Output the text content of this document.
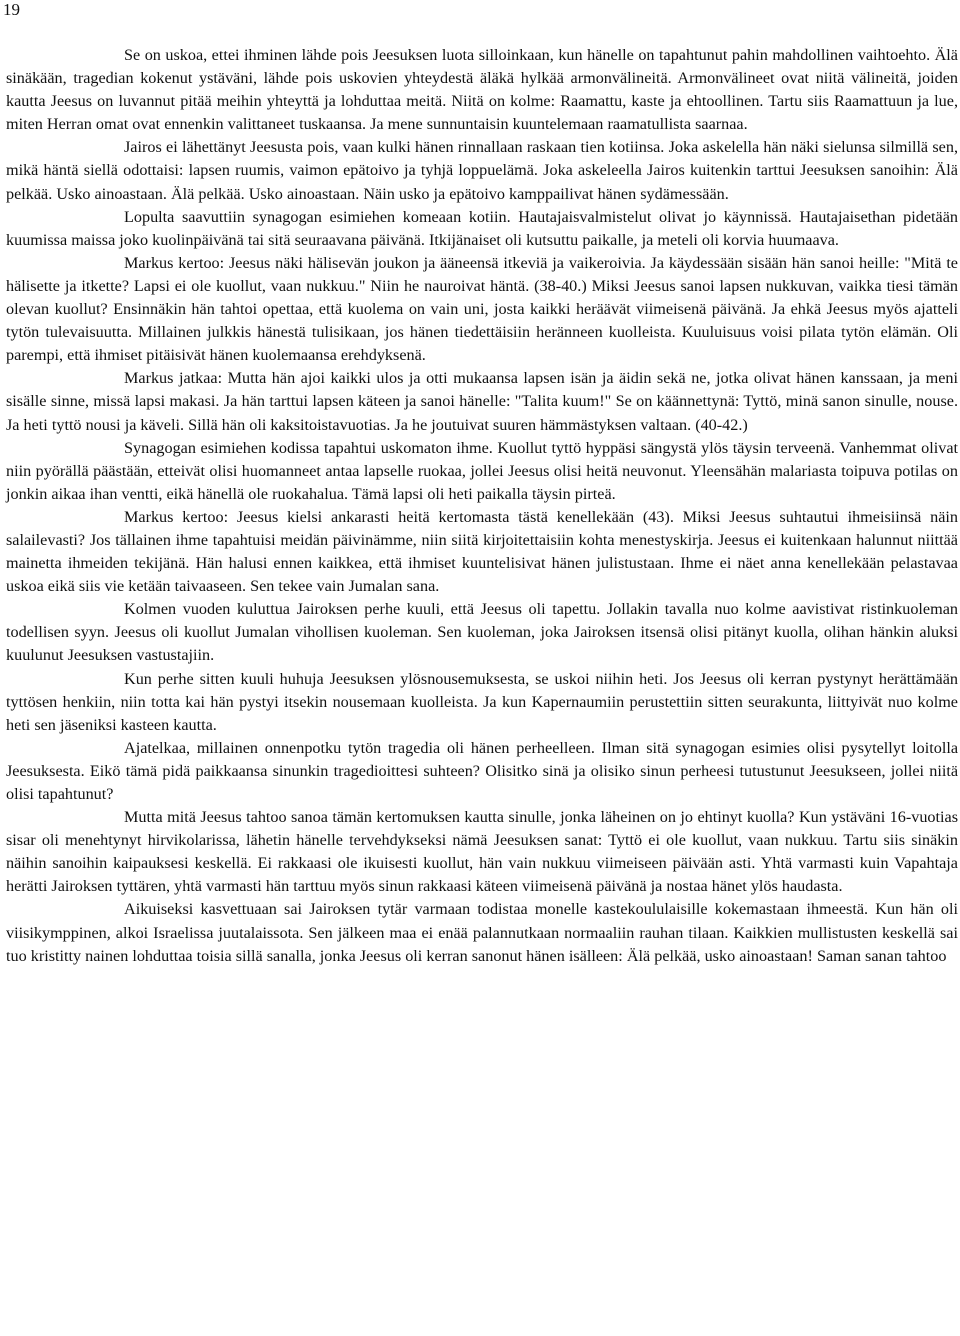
19

Se on uskoa, ettei ihminen lähde pois Jeesuksen luota silloinkaan, kun hänelle on tapahtunut pahin mahdollinen vaihtoehto. Älä sinäkään, tragedian kokenut ystäväni, lähde pois uskovien yhteydestä äläkä hylkää armonvälineitä. Armonvälineet ovat niitä välineitä, joiden kautta Jeesus on luvannut pitää meihin yhteyttä ja lohduttaa meitä. Niitä on kolme: Raamattu, kaste ja ehtoollinen. Tartu siis Raamattuun ja lue, miten Herran omat ovat ennenkin valittaneet tuskaansa. Ja mene sunnuntaisin kuuntelemaan raamatullista saarnaa.

Jairos ei lähettänyt Jeesusta pois, vaan kulki hänen rinnallaan raskaan tien kotiinsa. Joka askelella hän näki sielunsa silmillä sen, mikä häntä siellä odottaisi: lapsen ruumis, vaimon epätoivo ja tyhjä loppuelämä. Joka askeleella Jairos kuitenkin tarttui Jeesuksen sanoihin: Älä pelkää. Usko ainoastaan. Älä pelkää. Usko ainoastaan. Näin usko ja epätoivo kamppailivat hänen sydämessään.

Lopulta saavuttiin synagogan esimiehen komeaan kotiin. Hautajaisvalmistelut olivat jo käynnissä. Hautajaisethan pidetään kuumissa maissa joko kuolinpäivänä tai sitä seuraavana päivänä. Itkijänaiset oli kutsuttu paikalle, ja meteli oli korvia huumaava.

Markus kertoo: Jeesus näki hälisevän joukon ja ääneensä itkeviä ja vaikeroivia. Ja käydessään sisään hän sanoi heille: "Mitä te hälisette ja itkette? Lapsi ei ole kuollut, vaan nukkuu." Niin he nauroivat häntä. (38-40.) Miksi Jeesus sanoi lapsen nukkuvan, vaikka tiesi tämän olevan kuollut? Ensinnäkin hän tahtoi opettaa, että kuolema on vain uni, josta kaikki heräävät viimeisenä päivänä. Ja ehkä Jeesus myös ajatteli tytön tulevaisuutta. Millainen julkkis hänestä tulisikaan, jos hänen tiedettäisiin heränneen kuolleista. Kuuluisuus voisi pilata tytön elämän. Oli parempi, että ihmiset pitäisivät hänen kuolemaansa erehdyksenä.

Markus jatkaa: Mutta hän ajoi kaikki ulos ja otti mukaansa lapsen isän ja äidin sekä ne, jotka olivat hänen kanssaan, ja meni sisälle sinne, missä lapsi makasi. Ja hän tarttui lapsen käteen ja sanoi hänelle: "Talita kuum!" Se on käännettynä: Tyttö, minä sanon sinulle, nouse. Ja heti tyttö nousi ja käveli. Sillä hän oli kaksitoistavuotias. Ja he joutuivat suuren hämmästyksen valtaan. (40-42.)

Synagogan esimiehen kodissa tapahtui uskomaton ihme. Kuollut tyttö hyppäsi sängystä ylös täysin terveenä. Vanhemmat olivat niin pyörällä päästään, etteivät olisi huomanneet antaa lapselle ruokaa, jollei Jeesus olisi heitä neuvonut. Yleensähän malariasta toipuva potilas on jonkin aikaa ihan ventti, eikä hänellä ole ruokahalua. Tämä lapsi oli heti paikalla täysin pirteä.

Markus kertoo: Jeesus kielsi ankarasti heitä kertomasta tästä kenellekään (43). Miksi Jeesus suhtautui ihmeisiinsä näin salailevasti? Jos tällainen ihme tapahtuisi meidän päivinämme, niin siitä kirjoitettaisiin kohta menestyskirja. Jeesus ei kuitenkaan halunnut niittää mainetta ihmeiden tekijänä. Hän halusi ennen kaikkea, että ihmiset kuuntelisivat hänen julistustaan. Ihme ei näet anna kenellekään pelastavaa uskoa eikä siis vie ketään taivaaseen. Sen tekee vain Jumalan sana.

Kolmen vuoden kuluttua Jairoksen perhe kuuli, että Jeesus oli tapettu. Jollakin tavalla nuo kolme aavistivat ristinkuoleman todellisen syyn. Jeesus oli kuollut Jumalan vihollisen kuoleman. Sen kuoleman, joka Jairoksen itsensä olisi pitänyt kuolla, olihan hänkin aluksi kuulunut Jeesuksen vastustajiin.

Kun perhe sitten kuuli huhuja Jeesuksen ylösnousemuksesta, se uskoi niihin heti. Jos Jeesus oli kerran pystynyt herättämään tyttösen henkiin, niin totta kai hän pystyi itsekin nousemaan kuolleista. Ja kun Kapernaumiin perustettiin sitten seurakunta, liittyivät nuo kolme heti sen jäseniksi kasteen kautta.

Ajatelkaa, millainen onnenpotku tytön tragedia oli hänen perheelleen. Ilman sitä synagogan esimies olisi pysytellyt loitolla Jeesuksesta. Eikö tämä pidä paikkaansa sinunkin tragedioittesi suhteen? Olisitko sinä ja olisiko sinun perheesi tutustunut Jeesukseen, jollei niitä olisi tapahtunut?

Mutta mitä Jeesus tahtoo sanoa tämän kertomuksen kautta sinulle, jonka läheinen on jo ehtinyt kuolla? Kun ystäväni 16-vuotias sisar oli menehtynyt hirvikolarissa, lähetin hänelle tervehdykseksi nämä Jeesuksen sanat: Tyttö ei ole kuollut, vaan nukkuu. Tartu siis sinäkin näihin sanoihin kaipauksesi keskellä. Ei rakkaasi ole ikuisesti kuollut, hän vain nukkuu viimeiseen päivään asti. Yhtä varmasti kuin Vapahtaja herätti Jairoksen tyttären, yhtä varmasti hän tarttuu myös sinun rakkaasi käteen viimeisenä päivänä ja nostaa hänet ylös haudasta.

Aikuiseksi kasvettuaan sai Jairoksen tytär varmaan todistaa monelle kastekoululaisille kokemastaan ihmeestä. Kun hän oli viisikymppinen, alkoi Israelissa juutalaissota. Sen jälkeen maa ei enää palannutkaan normaaliin rauhan tilaan. Kaikkien mullistusten keskellä sai tuo kristitty nainen lohduttaa toisia sillä sanalla, jonka Jeesus oli kerran sanonut hänen isälleen: Älä pelkää, usko ainoastaan! Saman sanan tahtoo
